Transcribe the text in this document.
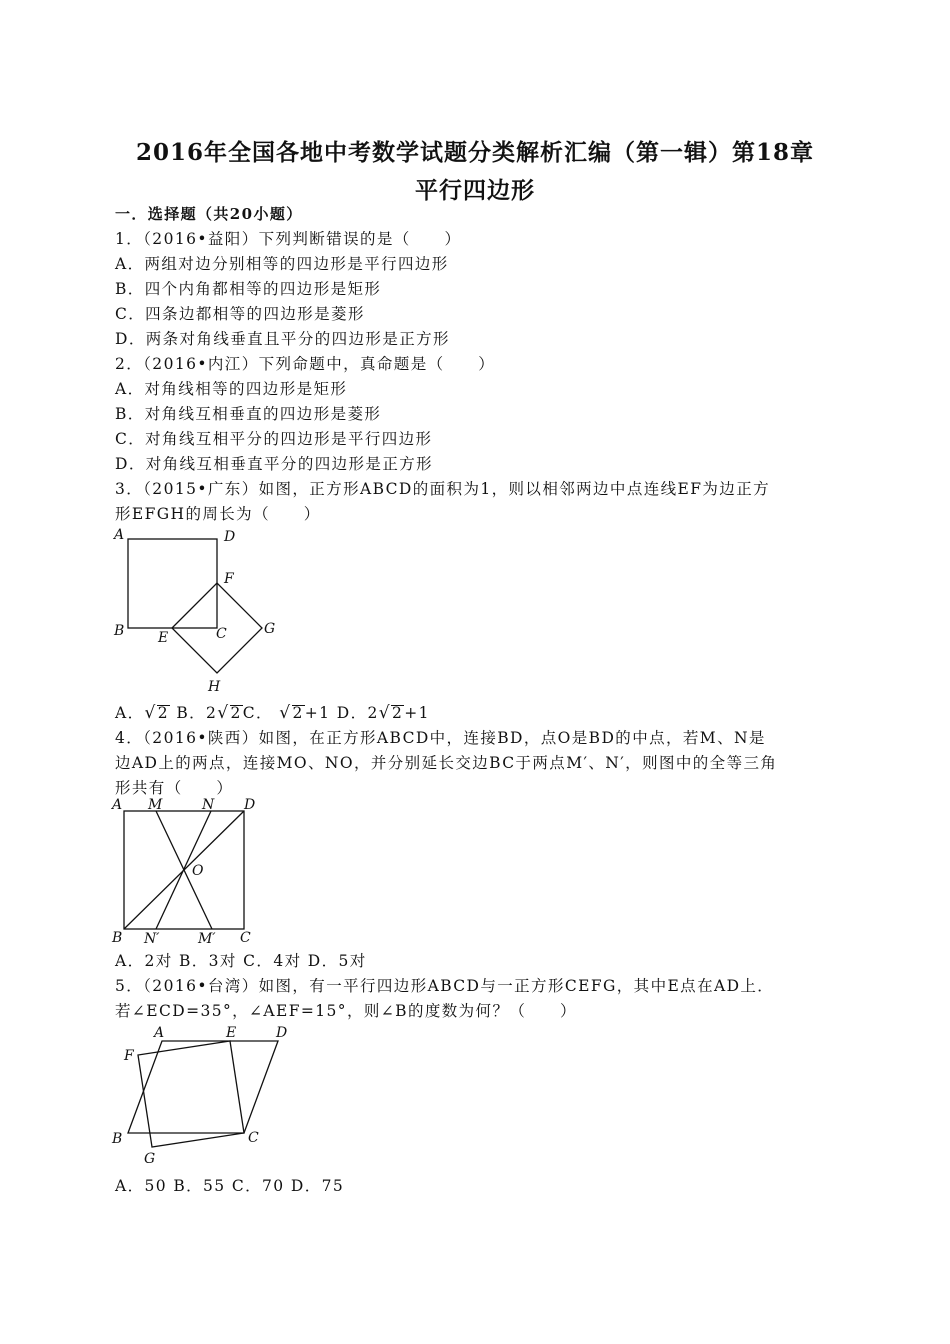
2016年全国各地中考数学试题分类解析汇编（第一辑）第18章
平行四边形
一．选择题（共20小题）
1．（2016•益阳）下列判断错误的是（　　）
A．两组对边分别相等的四边形是平行四边形
B．四个内角都相等的四边形是矩形
C．四条边都相等的四边形是菱形
D．两条对角线垂直且平分的四边形是正方形
2．（2016•内江）下列命题中，真命题是（　　）
A．对角线相等的四边形是矩形
B．对角线互相垂直的四边形是菱形
C．对角线互相平分的四边形是平行四边形
D．对角线互相垂直平分的四边形是正方形
3．（2015•广东）如图，正方形ABCD的面积为1，则以相邻两边中点连线EF为边正方
形EFGH的周长为（　　）
A	D
F
B E	C	G
H
A．√2 B．2√2C． √2+1 D．2√2+1
4．（2016•陕西）如图，在正方形ABCD中，连接BD，点O是BD的中点，若M、N是
边AD上的两点，连接MO、NO，并分别延长交边BC于两点M′、N′，则图中的全等三角
形共有（　　）
A M	N D
O
B N′	M′ C
A．2对 B．3对 C．4对 D．5对
5．（2016•台湾）如图，有一平行四边形ABCD与一正方形CEFG，其中E点在AD上．
若∠ECD=35°，∠AEF=15°，则∠B的度数为何？（　　）
A	E	D
F
B	C
G
A．50 B．55 C．70 D．75
